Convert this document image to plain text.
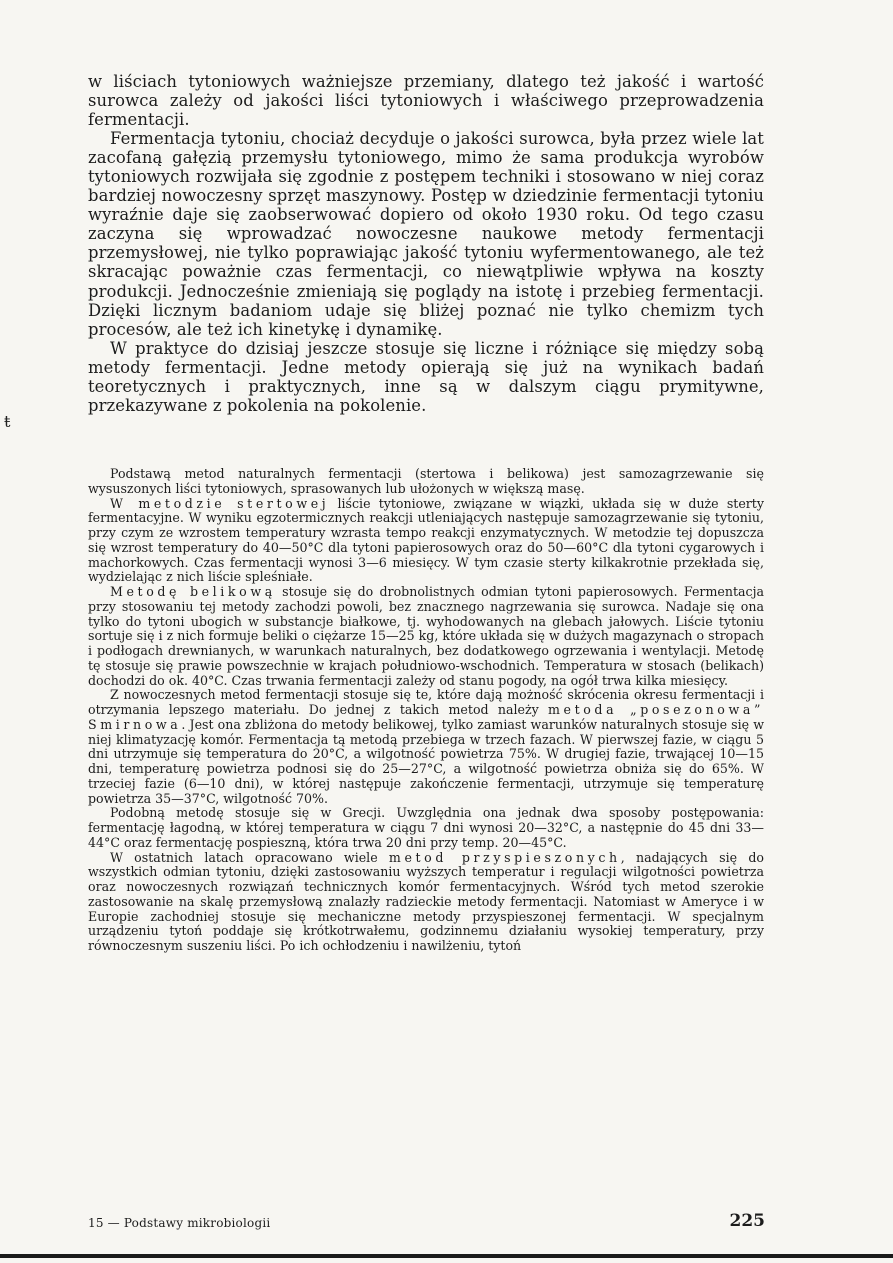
ŧ

w liściach tytoniowych ważniejsze przemiany, dlatego też jakość i wartość surowca zależy od jakości liści tytoniowych i właściwego przeprowadzenia fermentacji.

Fermentacja tytoniu, chociaż decyduje o jakości surowca, była przez wiele lat zacofaną gałęzią przemysłu tytoniowego, mimo że sama produkcja wyrobów tytoniowych rozwijała się zgodnie z postępem techniki i stosowano w niej coraz bardziej nowoczesny sprzęt maszynowy. Postęp w dziedzinie fermentacji tytoniu wyraźnie daje się zaobserwować dopiero od około 1930 roku. Od tego czasu zaczyna się wprowadzać nowoczesne naukowe metody fermentacji przemysłowej, nie tylko poprawiając jakość tytoniu wyfermentowanego, ale też skracając poważnie czas fermentacji, co niewątpliwie wpływa na koszty produkcji. Jednocześnie zmieniają się poglądy na istotę i przebieg fermentacji. Dzięki licznym badaniom udaje się bliżej poznać nie tylko chemizm tych procesów, ale też ich kinetykę i dynamikę.

W praktyce do dzisiaj jeszcze stosuje się liczne i różniące się między sobą metody fermentacji. Jedne metody opierają się już na wynikach badań teoretycznych i praktycznych, inne są w dalszym ciągu prymitywne, przekazywane z pokolenia na pokolenie.

Podstawą metod naturalnych fermentacji (stertowa i belikowa) jest samozagrzewanie się wysuszonych liści tytoniowych, sprasowanych lub ułożonych w większą masę.

W metodzie stertowej liście tytoniowe, związane w wiązki, układa się w duże sterty fermentacyjne. W wyniku egzotermicznych reakcji utleniających następuje samozagrzewanie się tytoniu, przy czym ze wzrostem temperatury wzrasta tempo reakcji enzymatycznych. W metodzie tej dopuszcza się wzrost temperatury do 40—50°C dla tytoni papierosowych oraz do 50—60°C dla tytoni cygarowych i machorkowych. Czas fermentacji wynosi 3—6 miesięcy. W tym czasie sterty kilkakrotnie przekłada się, wydzielając z nich liście spleśniałe.

Metodę belikową stosuje się do drobnolistnych odmian tytoni papierosowych. Fermentacja przy stosowaniu tej metody zachodzi powoli, bez znacznego nagrzewania się surowca. Nadaje się ona tylko do tytoni ubogich w substancje białkowe, tj. wyhodowanych na glebach jałowych. Liście tytoniu sortuje się i z nich formuje beliki o ciężarze 15—25 kg, które układa się w dużych magazynach o stropach i podłogach drewnianych, w warunkach naturalnych, bez dodatkowego ogrzewania i wentylacji. Metodę tę stosuje się prawie powszechnie w krajach południowo-wschodnich. Temperatura w stosach (belikach) dochodzi do ok. 40°C. Czas trwania fermentacji zależy od stanu pogody, na ogół trwa kilka miesięcy.

Z nowoczesnych metod fermentacji stosuje się te, które dają możność skrócenia okresu fermentacji i otrzymania lepszego materiału. Do jednej z takich metod należy metoda „posezonowa” Smirnowa. Jest ona zbliżona do metody belikowej, tylko zamiast warunków naturalnych stosuje się w niej klimatyzację komór. Fermentacja tą metodą przebiega w trzech fazach. W pierwszej fazie, w ciągu 5 dni utrzymuje się temperatura do 20°C, a wilgotność powietrza 75%. W drugiej fazie, trwającej 10—15 dni, temperaturę powietrza podnosi się do 25—27°C, a wilgotność powietrza obniża się do 65%. W trzeciej fazie (6—10 dni), w której następuje zakończenie fermentacji, utrzymuje się temperaturę powietrza 35—37°C, wilgotność 70%.

Podobną metodę stosuje się w Grecji. Uwzględnia ona jednak dwa sposoby postępowania: fermentację łagodną, w której temperatura w ciągu 7 dni wynosi 20—32°C, a następnie do 45 dni 33—44°C oraz fermentację pospieszną, która trwa 20 dni przy temp. 20—45°C.

W ostatnich latach opracowano wiele metod przyspieszonych, nadających się do wszystkich odmian tytoniu, dzięki zastosowaniu wyższych temperatur i regulacji wilgotności powietrza oraz nowoczesnych rozwiązań technicznych komór fermentacyjnych. Wśród tych metod szerokie zastosowanie na skalę przemysłową znalazły radzieckie metody fermentacji. Natomiast w Ameryce i w Europie zachodniej stosuje się mechaniczne metody przyspieszonej fermentacji. W specjalnym urządzeniu tytoń poddaje się krótkotrwałemu, godzinnemu działaniu wysokiej temperatury, przy równoczesnym suszeniu liści. Po ich ochłodzeniu i nawilżeniu, tytoń

15 — Podstawy mikrobiologii	225
